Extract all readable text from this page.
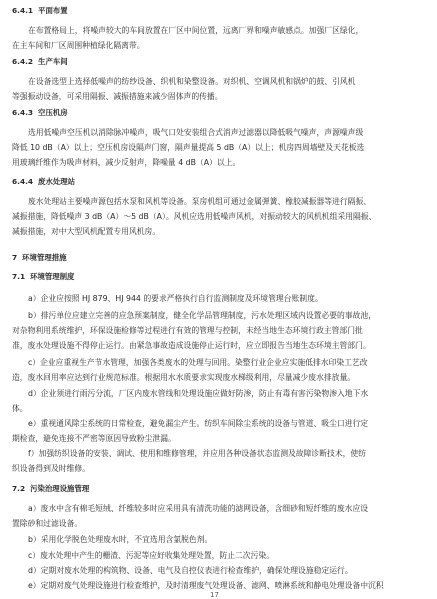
6.4.1 平面布置
在布置格局上，将噪声较大的车间放置在厂区中间位置，远离厂界和噪声敏感点。加强厂区绿化，
在主车间和厂区周围种植绿化隔离带。
6.4.2 生产车间
在设备选型上选择低噪声的纺纱设备、织机和染整设备。对织机、空调风机和锅炉的鼓、引风机
等强振动设备，可采用隔振、减振措施来减少固体声的传播。
6.4.3 空压机房
选用低噪声空压机以消除脉冲噪声，吸气口处安装组合式消声过滤器以降低吸气噪声，声源噪声级
降低 10 dB（A）以上；空压机房设隔声门窗，隔声量提高 5 dB（A）以上；机房四周墙壁及天花板选
用玻璃纤维作为吸声材料，减少反射声，降噪量 4 dB（A）以上。
6.4.4 废水处理站
废水处理站主要噪声源包括水泵和风机等设备。泵房机组可通过金属弹簧、橡胶减振器等进行隔振、
减振措施，降低噪声 3 dB（A）～5 dB（A）。风机应选用低噪声风机，对振动较大的风机机组采用隔振、
减振措施，对中大型风机配置专用风机房。
7 环境管理措施
7.1 环境管理制度
a）企业应按照 HJ 879、HJ 944 的要求严格执行自行监测制度及环境管理台账制度。
b）排污单位应建立完善的应急预案制度，健全化学品管理制度，污水处理区域内设置必要的事故池，
对杂物利用系统维护，环保设施检修等过程进行有效的管理与控制，未经当地生态环境行政主管部门批
准，废水处理设施不得停止运行。由紧急事故造成设施停止运行时，应立即报告当地生态环境主管部门。
c）企业应重视生产节水管理，加强各类废水的处理与回用。染整行业企业应实施低排水印染工艺改
造，废水回用率应达到行业规范标准。根据用水水质要求实现废水梯级利用，尽量减少废水排放量。
d）企业须进行雨污分流，厂区内废水管线和处理设施应做好防渗，防止有毒有害污染物渗入地下水
体。
e）重视通风除尘系统的日常检查，避免漏尘产生。纺织车间除尘系统的设备与管道、吸尘口进行定
期检查，避免连接不严密等原因导致粉尘泄漏。
f）加强纺织设备的安装、调试、使用和维修管理，并应用各种设备状态监测及故障诊断技术，使纺
织设备得到及时维修。
7.2 污染治理设施管理
a）废水中含有棉毛短绒、纤维较多时应采用具有清洗功能的滤网设备，含细砂和短纤维的废水应设
置除砂和过滤设备。
b）采用化学脱色处理废水时，不宜选用含氯脱色剂。
c）废水处理中产生的栅渣、污泥等应好收集处理处置，防止二次污染。
d）定期对废水处理的构筑物、设备、电气及自控仪表进行检查维护，确保处理设施稳定运行。
e）定期对废气处理设施进行检查维护，及时清理废气处理设备、滤网、喷淋系统和静电处理设备中沉积
17
